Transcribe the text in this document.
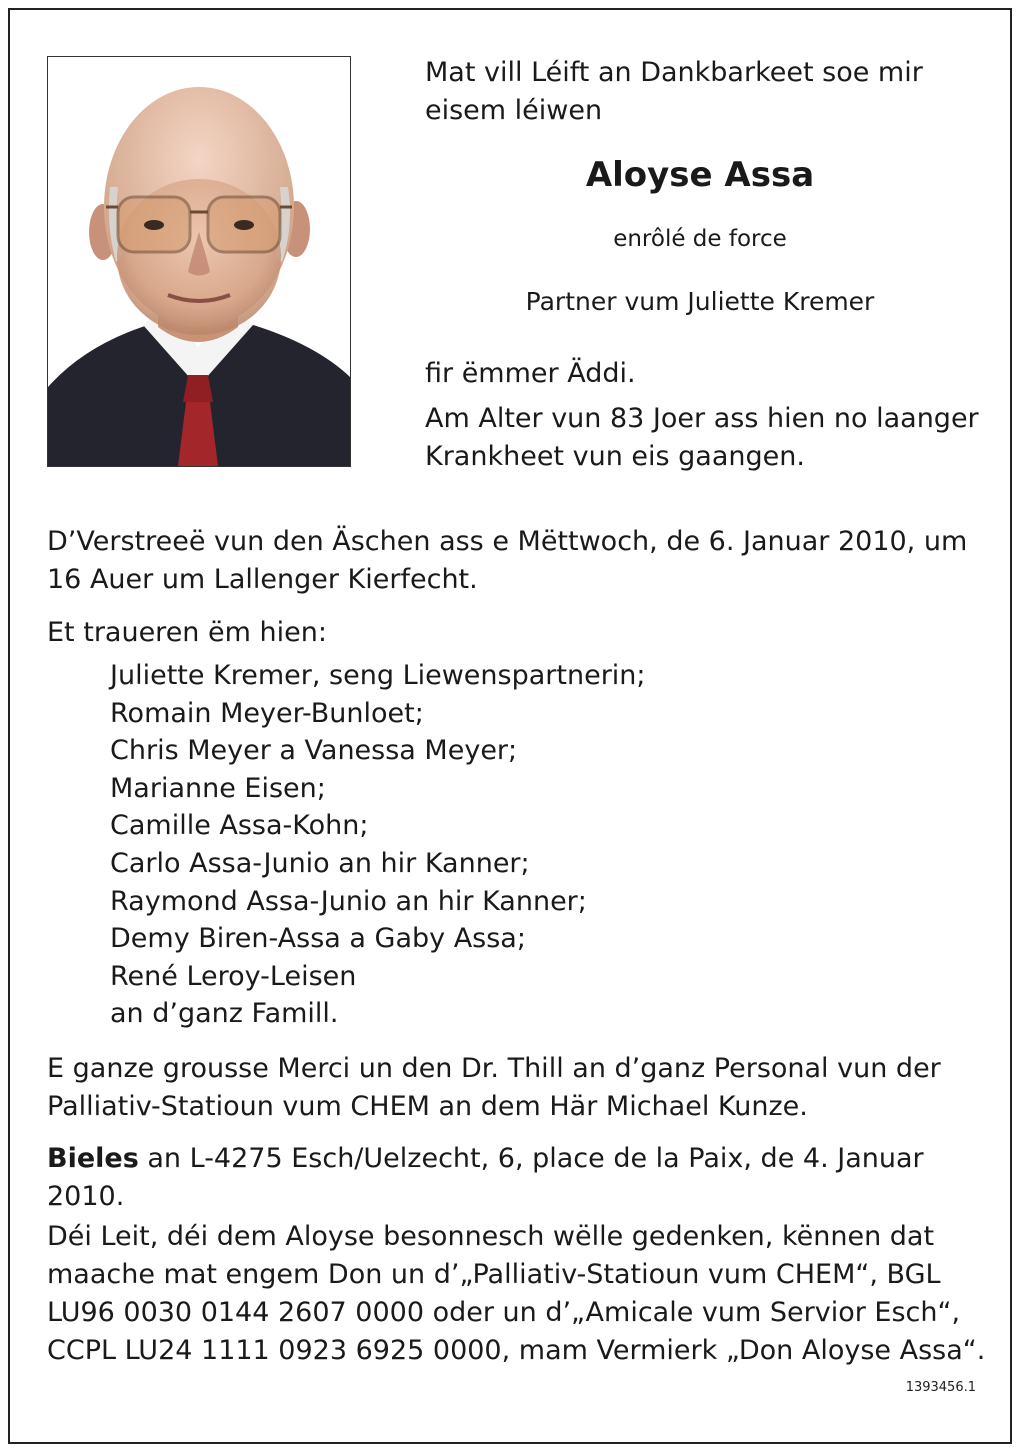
Mat vill Léift an Dankbarkeet soe mir eisem léiwen
Aloyse Assa
enrôlé de force
Partner vum Juliette Kremer
fir ëmmer Äddi.
Am Alter vun 83 Joer ass hien no laanger Krankheet vun eis gaangen.
D’Verstreeë vun den Äschen ass e Mëttwoch, de 6. Januar 2010, um 16 Auer um Lallenger Kierfecht.
Et traueren ëm hien:
Juliette Kremer, seng Liewenspartnerin;
Romain Meyer-Bunloet;
Chris Meyer a Vanessa Meyer;
Marianne Eisen;
Camille Assa-Kohn;
Carlo Assa-Junio an hir Kanner;
Raymond Assa-Junio an hir Kanner;
Demy Biren-Assa a Gaby Assa;
René Leroy-Leisen
an d’ganz Famill.
E ganze grousse Merci un den Dr. Thill an d’ganz Personal vun der Palliativ-Statioun vum CHEM an dem Här Michael Kunze.
Bieles an L-4275 Esch/Uelzecht, 6, place de la Paix, de 4. Januar 2010.
Déi Leit, déi dem Aloyse besonnesch wëlle gedenken, kënnen dat maache mat engem Don un d’„Palliativ-Statioun vum CHEM“, BGL LU96 0030 0144 2607 0000 oder un d’„Amicale vum Servior Esch“, CCPL LU24 1111 0923 6925 0000, mam Vermierk „Don Aloyse Assa“.
1393456.1
